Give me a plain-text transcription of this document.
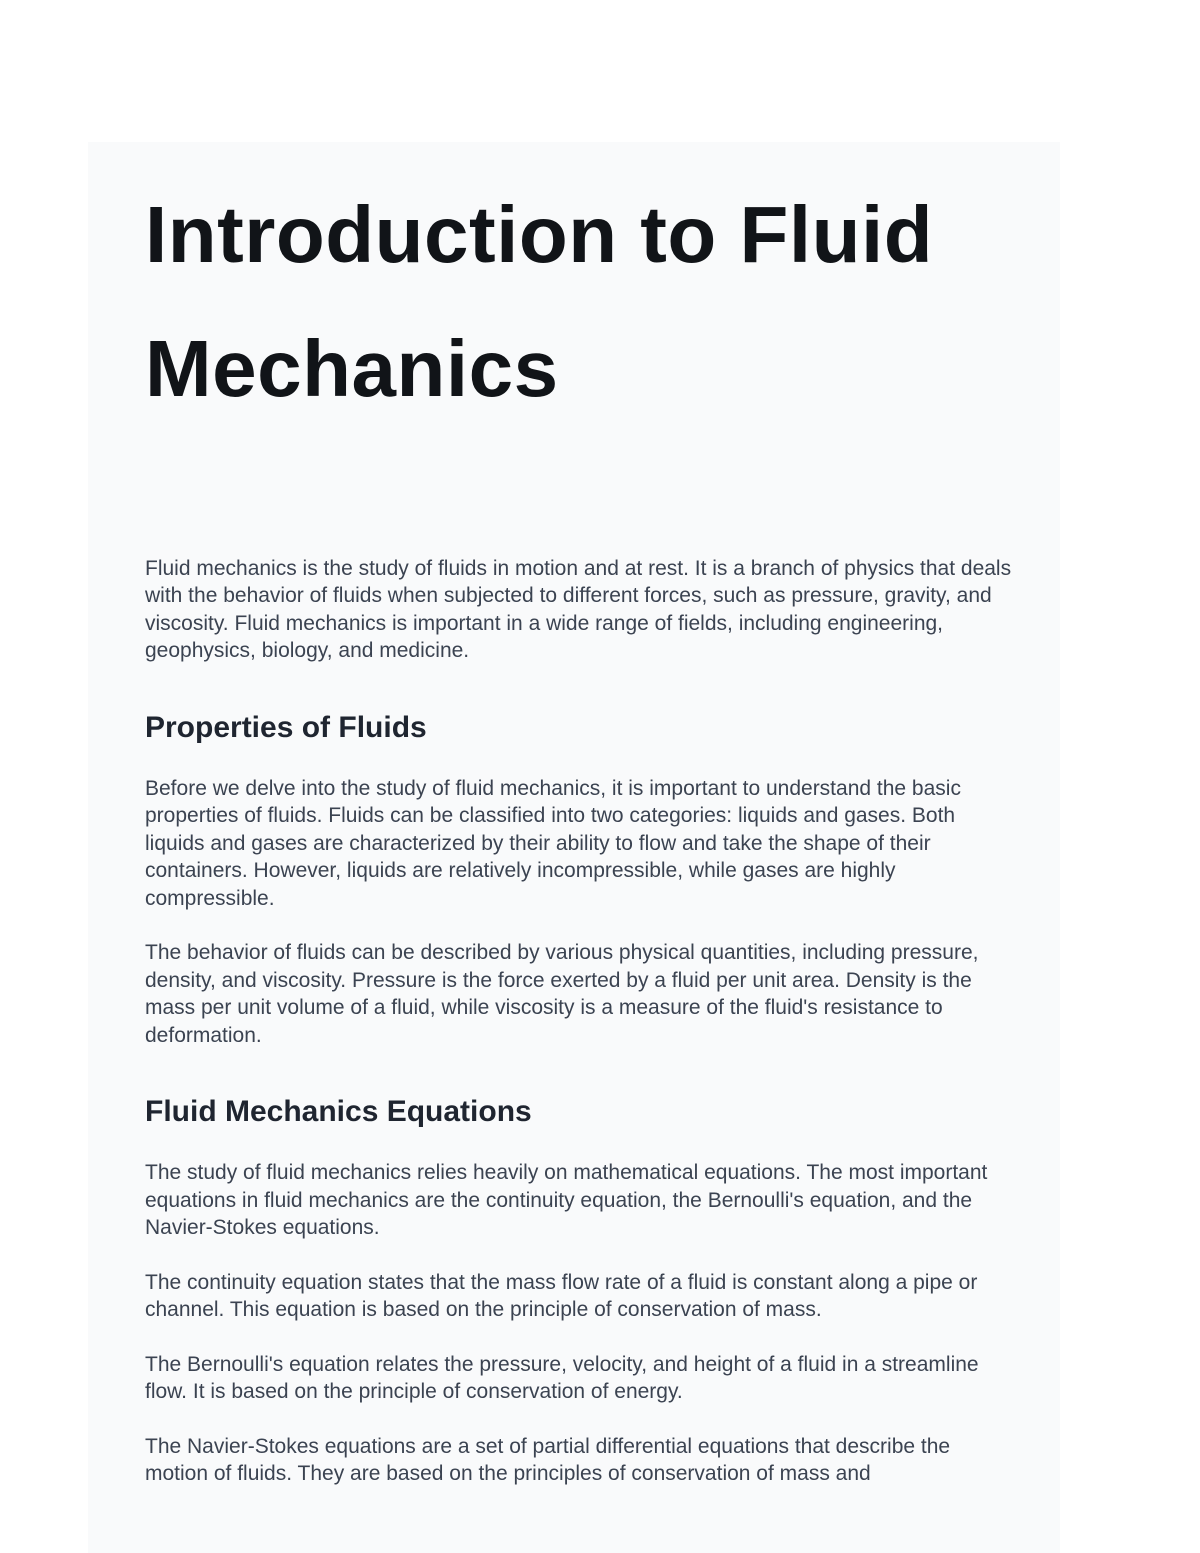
Introduction to Fluid Mechanics

Fluid mechanics is the study of fluids in motion and at rest. It is a branch of physics that deals with the behavior of fluids when subjected to different forces, such as pressure, gravity, and viscosity. Fluid mechanics is important in a wide range of fields, including engineering, geophysics, biology, and medicine.

Properties of Fluids

Before we delve into the study of fluid mechanics, it is important to understand the basic properties of fluids. Fluids can be classified into two categories: liquids and gases. Both liquids and gases are characterized by their ability to flow and take the shape of their containers. However, liquids are relatively incompressible, while gases are highly compressible.

The behavior of fluids can be described by various physical quantities, including pressure, density, and viscosity. Pressure is the force exerted by a fluid per unit area. Density is the mass per unit volume of a fluid, while viscosity is a measure of the fluid's resistance to deformation.

Fluid Mechanics Equations

The study of fluid mechanics relies heavily on mathematical equations. The most important equations in fluid mechanics are the continuity equation, the Bernoulli's equation, and the Navier-Stokes equations.

The continuity equation states that the mass flow rate of a fluid is constant along a pipe or channel. This equation is based on the principle of conservation of mass.

The Bernoulli's equation relates the pressure, velocity, and height of a fluid in a streamline flow. It is based on the principle of conservation of energy.

The Navier-Stokes equations are a set of partial differential equations that describe the motion of fluids. They are based on the principles of conservation of mass and
